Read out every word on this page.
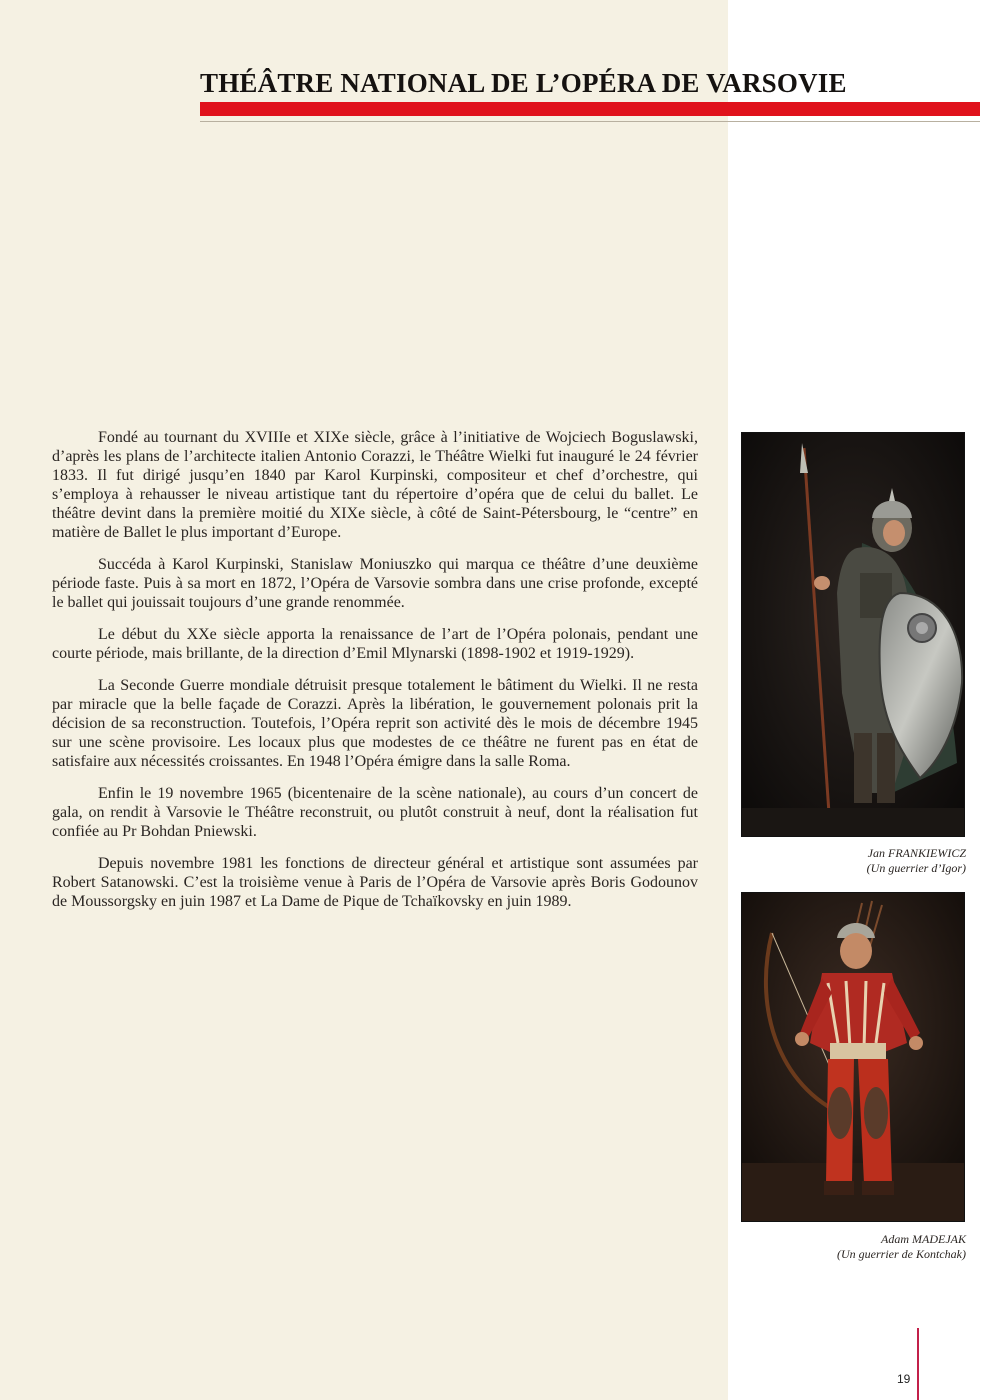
THÉÂTRE NATIONAL DE L’OPÉRA DE VARSOVIE

Fondé au tournant du XVIIIe et XIXe siècle, grâce à l’initiative de Wojciech Boguslawski, d’après les plans de l’architecte italien Antonio Corazzi, le Théâtre Wielki fut inauguré le 24 février 1833. Il fut dirigé jusqu’en 1840 par Karol Kurpinski, compositeur et chef d’orchestre, qui s’employa à rehausser le niveau artistique tant du répertoire d’opéra que de celui du ballet. Le théâtre devint dans la première moitié du XIXe siècle, à côté de Saint-Pétersbourg, le “centre” en matière de Ballet le plus important d’Europe.

Succéda à Karol Kurpinski, Stanislaw Moniuszko qui marqua ce théâtre d’une deuxième période faste. Puis à sa mort en 1872, l’Opéra de Varsovie sombra dans une crise profonde, excepté le ballet qui jouissait toujours d’une grande renommée.

Le début du XXe siècle apporta la renaissance de l’art de l’Opéra polonais, pendant une courte période, mais brillante, de la direction d’Emil Mlynarski (1898-1902 et 1919-1929).

La Seconde Guerre mondiale détruisit presque totalement le bâtiment du Wielki. Il ne resta par miracle que la belle façade de Corazzi. Après la libération, le gouvernement polonais prit la décision de sa reconstruction. Toutefois, l’Opéra reprit son activité dès le mois de décembre 1945 sur une scène provisoire. Les locaux plus que modestes de ce théâtre ne furent pas en état de satisfaire aux nécessités croissantes. En 1948 l’Opéra émigre dans la salle Roma.

Enfin le 19 novembre 1965 (bicentenaire de la scène nationale), au cours d’un concert de gala, on rendit à Varsovie le Théâtre reconstruit, ou plutôt construit à neuf, dont la réalisation fut confiée au Pr Bohdan Pniewski.

Depuis novembre 1981 les fonctions de directeur général et artistique sont assumées par Robert Satanowski. C’est la troisième venue à Paris de l’Opéra de Varsovie après Boris Godounov de Moussorgsky en juin 1987 et La Dame de Pique de Tchaïkovsky en juin 1989.

Jan FRANKIEWICZ
(Un guerrier d’Igor)
Adam MADEJAK
(Un guerrier de Kontchak)
19
